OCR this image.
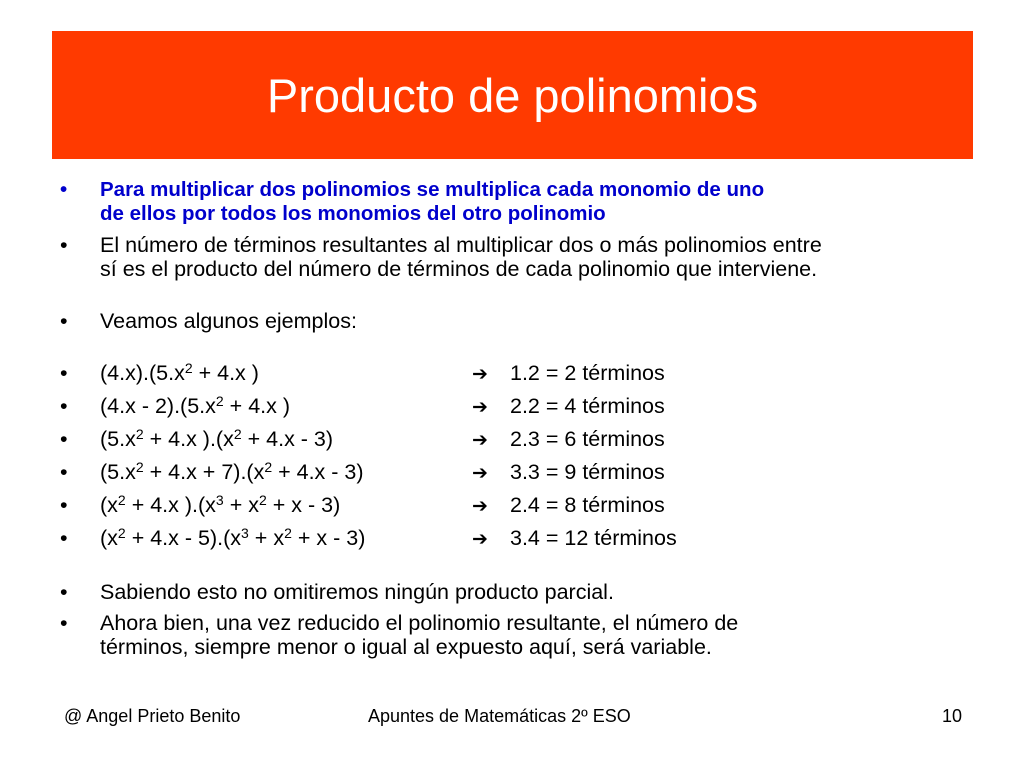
Producto de polinomios
•	Para multiplicar dos polinomios se multiplica cada monomio de uno
de ellos por todos los monomios del otro polinomio
•	El número de términos resultantes al multiplicar dos o más polinomios entre
sí es el producto del número de términos de cada polinomio que interviene.
•	Veamos algunos ejemplos:
•	$(4.x).(5.x^2 + 4.x$ )	➔ 1.2 = 2 términos
•	$(4.x - 2).(5.x^2 + 4.x$ )	➔ 2.2 = 4 términos
•	($5.x^2 + 4.x$ )$.(x^2 + 4.x - 3)$	➔ 2.3 = 6 términos
•	$(5.x^2 + 4.x + 7).(x^2 + 4.x - 3)$	➔ 3.3 = 9 términos
•	($x^2 + 4.x$ )$.(x^3 + x^2 + x - 3)$	➔ 2.4 = 8 términos
•	$(x^2 + 4.x - 5).(x^3 + x^2 + x - 3)$	➔ 3.4 = 12 términos
•	Sabiendo esto no omitiremos ningún producto parcial.
•	Ahora bien, una vez reducido el polinomio resultante, el número de
términos, siempre menor o igual al expuesto aquí, será variable.
@ Angel Prieto Benito	Apuntes de Matemáticas 2º ESO	10
